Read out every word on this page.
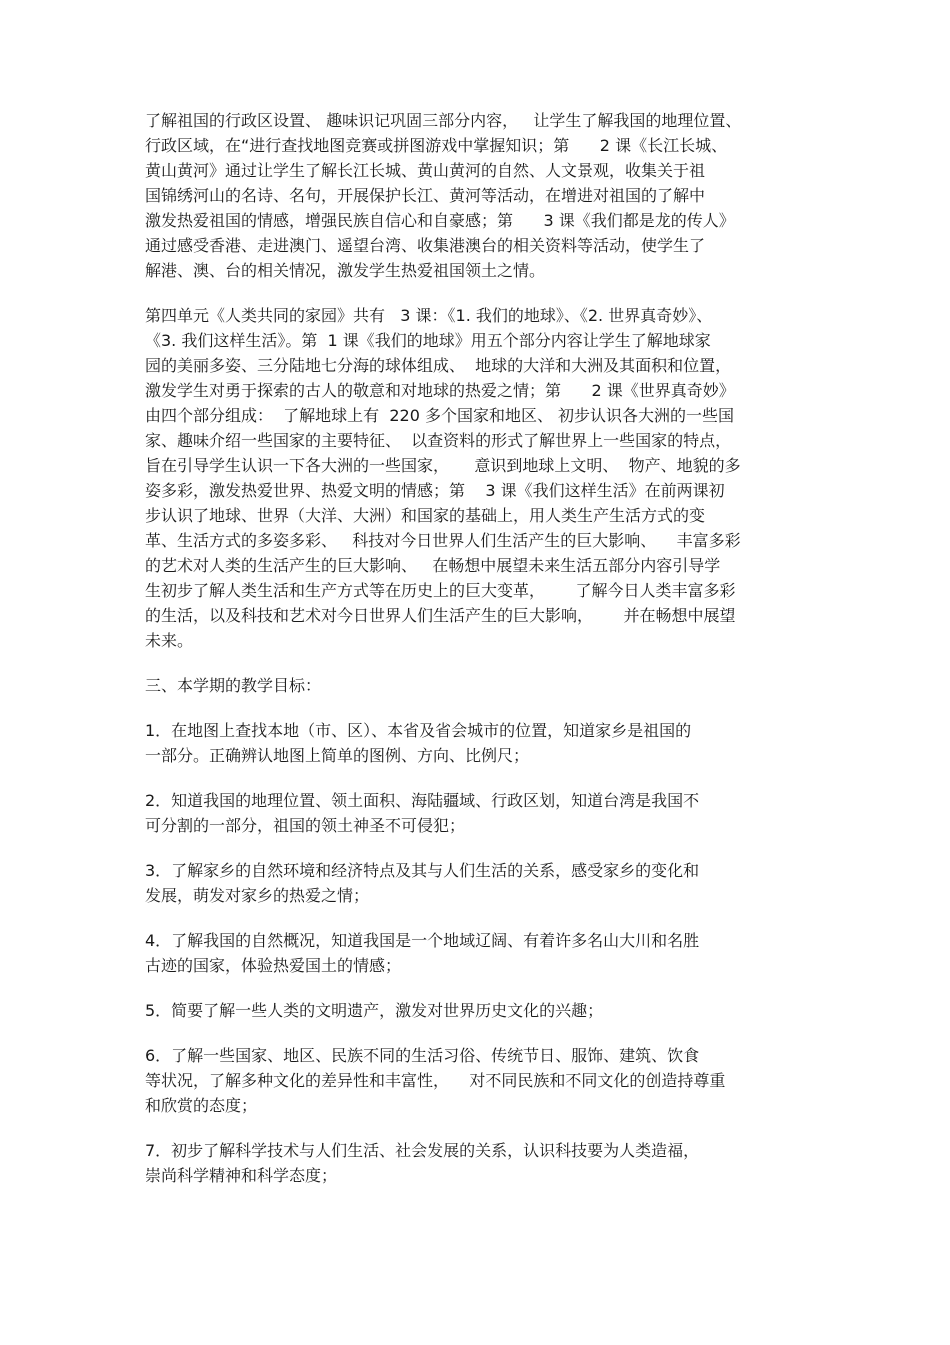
了解祖国的行政区设置、 趣味识记巩固三部分内容，   让学生了解我国的地理位置、
行政区域，在“进行查找地图竞赛或拼图游戏中掌握知识；第      2 课《长江长城、
黄山黄河》通过让学生了解长江长城、黄山黄河的自然、人文景观，收集关于祖
国锦绣河山的名诗、名句，开展保护长江、黄河等活动，在增进对祖国的了解中
激发热爱祖国的情感，增强民族自信心和自豪感；第      3 课《我们都是龙的传人》
通过感受香港、走进澳门、遥望台湾、收集港澳台的相关资料等活动，使学生了
解港、澳、台的相关情况，激发学生热爱祖国领土之情。

第四单元《人类共同的家园》共有   3 课：《1. 我们的地球》、《2. 世界真奇妙》、
《3. 我们这样生活》。第  1 课《我们的地球》用五个部分内容让学生了解地球家
园的美丽多姿、三分陆地七分海的球体组成、  地球的大洋和大洲及其面积和位置，
激发学生对勇于探索的古人的敬意和对地球的热爱之情；第      2 课《世界真奇妙》
由四个部分组成：  了解地球上有  220 多个国家和地区、 初步认识各大洲的一些国
家、趣味介绍一些国家的主要特征、  以查资料的形式了解世界上一些国家的特点，
旨在引导学生认识一下各大洲的一些国家，     意识到地球上文明、  物产、地貌的多
姿多彩，激发热爱世界、热爱文明的情感；第    3 课《我们这样生活》在前两课初
步认识了地球、世界（大洋、大洲）和国家的基础上，用人类生产生活方式的变
革、生活方式的多姿多彩、   科技对今日世界人们生活产生的巨大影响、    丰富多彩
的艺术对人类的生活产生的巨大影响、   在畅想中展望未来生活五部分内容引导学
生初步了解人类生活和生产方式等在历史上的巨大变革，      了解今日人类丰富多彩
的生活，以及科技和艺术对今日世界人们生活产生的巨大影响，      并在畅想中展望
未来。

三、本学期的教学目标：

1．在地图上查找本地（市、区）、本省及省会城市的位置，知道家乡是祖国的
一部分。正确辨认地图上简单的图例、方向、比例尺；

2．知道我国的地理位置、领土面积、海陆疆域、行政区划，知道台湾是我国不
可分割的一部分，祖国的领土神圣不可侵犯；

3．了解家乡的自然环境和经济特点及其与人们生活的关系，感受家乡的变化和
发展，萌发对家乡的热爱之情；

4．了解我国的自然概况，知道我国是一个地域辽阔、有着许多名山大川和名胜
古迹的国家，体验热爱国土的情感；

5．简要了解一些人类的文明遗产，激发对世界历史文化的兴趣；

6．了解一些国家、地区、民族不同的生活习俗、传统节日、服饰、建筑、饮食
等状况，了解多种文化的差异性和丰富性，    对不同民族和不同文化的创造持尊重
和欣赏的态度；

7．初步了解科学技术与人们生活、社会发展的关系，认识科技要为人类造福，
崇尚科学精神和科学态度；
